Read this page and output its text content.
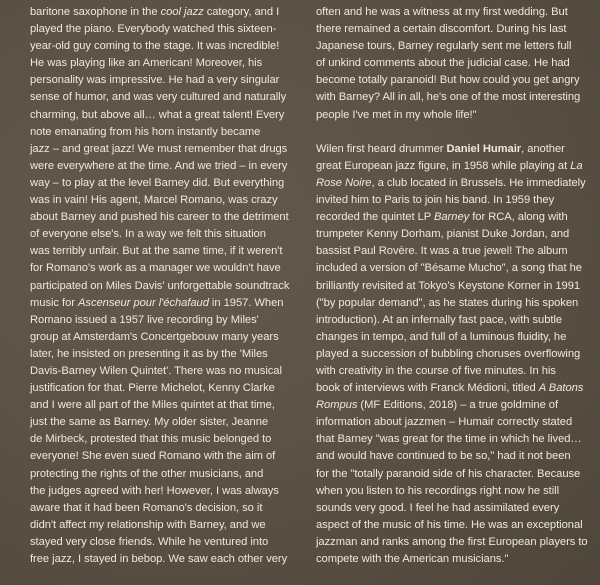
baritone saxophone in the cool jazz category, and I
played the piano. Everybody watched this sixteen-
year-old guy coming to the stage. It was incredible!
He was playing like an American! Moreover, his
personality was impressive. He had a very singular
sense of humor, and was very cultured and naturally
charming, but above all… what a great talent! Every
note emanating from his horn instantly became
jazz – and great jazz! We must remember that drugs
were everywhere at the time. And we tried – in every
way – to play at the level Barney did. But everything
was in vain! His agent, Marcel Romano, was crazy
about Barney and pushed his career to the detriment
of everyone else's. In a way we felt this situation
was terribly unfair. But at the same time, if it weren't
for Romano's work as a manager we wouldn't have
participated on Miles Davis' unforgettable soundtrack
music for Ascenseur pour l'échafaud in 1957. When
Romano issued a 1957 live recording by Miles'
group at Amsterdam's Concertgebouw many years
later, he insisted on presenting it as by the 'Miles
Davis-Barney Wilen Quintet'. There was no musical
justification for that. Pierre Michelot, Kenny Clarke
and I were all part of the Miles quintet at that time,
just the same as Barney. My older sister, Jeanne
de Mirbeck, protested that this music belonged to
everyone! She even sued Romano with the aim of
protecting the rights of the other musicians, and
the judges agreed with her! However, I was always
aware that it had been Romano's decision, so it
didn't affect my relationship with Barney, and we
stayed very close friends. While he ventured into
free jazz, I stayed in bebop. We saw each other very
often and he was a witness at my first wedding. But
there remained a certain discomfort. During his last
Japanese tours, Barney regularly sent me letters full
of unkind comments about the judicial case. He had
become totally paranoid! But how could you get angry
with Barney? All in all, he's one of the most interesting
people I've met in my whole life!"
Wilen first heard drummer Daniel Humair, another
great European jazz figure, in 1958 while playing at La
Rose Noire, a club located in Brussels. He immediately
invited him to Paris to join his band. In 1959 they
recorded the quintet LP Barney for RCA, along with
trumpeter Kenny Dorham, pianist Duke Jordan, and
bassist Paul Rovère. It was a true jewel! The album
included a version of "Bésame Mucho", a song that he
brilliantly revisited at Tokyo's Keystone Korner in 1991
("by popular demand", as he states during his spoken
introduction). At an infernally fast pace, with subtle
changes in tempo, and full of a luminous fluidity, he
played a succession of bubbling choruses overflowing
with creativity in the course of five minutes. In his
book of interviews with Franck Médioni, titled A Batons
Rompus (MF Editions, 2018) – a true goldmine of
information about jazzmen – Humair correctly stated
that Barney "was great for the time in which he lived…
and would have continued to be so," had it not been
for the "totally paranoid side of his character. Because
when you listen to his recordings right now he still
sounds very good. I feel he had assimilated every
aspect of the music of his time. He was an exceptional
jazzman and ranks among the first European players to
compete with the American musicians."
